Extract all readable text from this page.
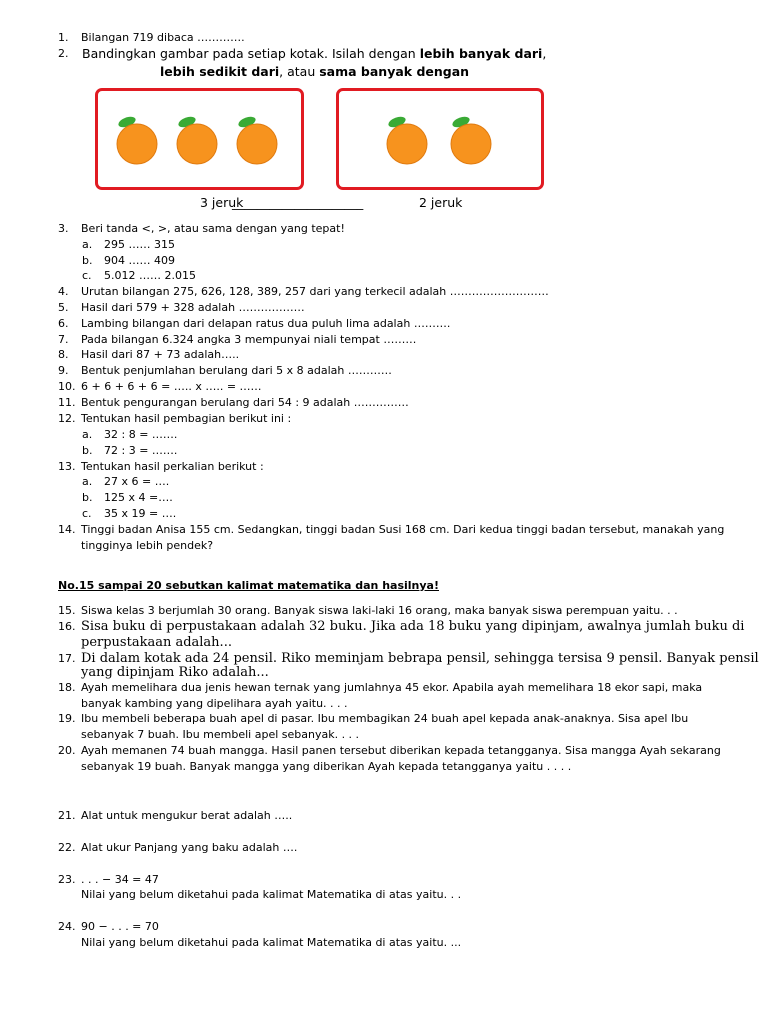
1. Bilangan 719 dibaca ………….
2. Bandingkan gambar pada setiap kotak. Isilah dengan lebih banyak dari,
lebih sedikit dari, atau sama banyak dengan
3 jeruk
_____________________	2 jeruk
3. Beri tanda <, >, atau sama dengan yang tepat!
a. 295 …… 315
b. 904 …… 409
c. 5.012 …… 2.015
4. Urutan bilangan 275, 626, 128, 389, 257 dari yang terkecil adalah ………………………
5. Hasil dari 579 + 328 adalah ………………
6. Lambing bilangan dari delapan ratus dua puluh lima adalah ……….
7. Pada bilangan 6.324 angka 3 mempunyai niali tempat ………
8. Hasil dari 87 + 73 adalah…..
9. Bentuk penjumlahan berulang dari 5 x 8 adalah …………
10. 6 + 6 + 6 + 6 = ….. x ….. = ……
11. Bentuk pengurangan berulang dari 54 : 9 adalah ……………
12. Tentukan hasil pembagian berikut ini :
a. 32 : 8 = …….
b. 72 : 3 = …….
13. Tentukan hasil perkalian berikut :
a. 27 x 6 = ….
b. 125 x 4 =….
c. 35 x 19 = ….
14. Tinggi badan Anisa 155 cm. Sedangkan, tinggi badan Susi 168 cm. Dari kedua tinggi badan tersebut, manakah yang
tingginya lebih pendek?
No.15 sampai 20 sebutkan kalimat matematika dan hasilnya!
15. Siswa kelas 3 berjumlah 30 orang. Banyak siswa laki-laki 16 orang, maka banyak siswa perempuan yaitu. . .
16. Sisa buku di perpustakaan adalah 32 buku. Jika ada 18 buku yang dipinjam, awalnya jumlah buku di
perpustakaan adalah...
17. Di dalam kotak ada 24 pensil. Riko meminjam bebrapa pensil, sehingga tersisa 9 pensil. Banyak pensil
yang dipinjam Riko adalah...
18. Ayah memelihara dua jenis hewan ternak yang jumlahnya 45 ekor. Apabila ayah memelihara 18 ekor sapi, maka
banyak kambing yang dipelihara ayah yaitu. . . .
19. Ibu membeli beberapa buah apel di pasar. Ibu membagikan 24 buah apel kepada anak-anaknya. Sisa apel Ibu
sebanyak 7 buah. Ibu membeli apel sebanyak. . . .
20. Ayah memanen 74 buah mangga. Hasil panen tersebut diberikan kepada tetangganya. Sisa mangga Ayah sekarang
sebanyak 19 buah. Banyak mangga yang diberikan Ayah kepada tetangganya yaitu . . . .
21. Alat untuk mengukur berat adalah …..
22. Alat ukur Panjang yang baku adalah ….
23. . . . − 34 = 47
Nilai yang belum diketahui pada kalimat Matematika di atas yaitu. . .
24. 90 − . . . = 70
Nilai yang belum diketahui pada kalimat Matematika di atas yaitu. ...
